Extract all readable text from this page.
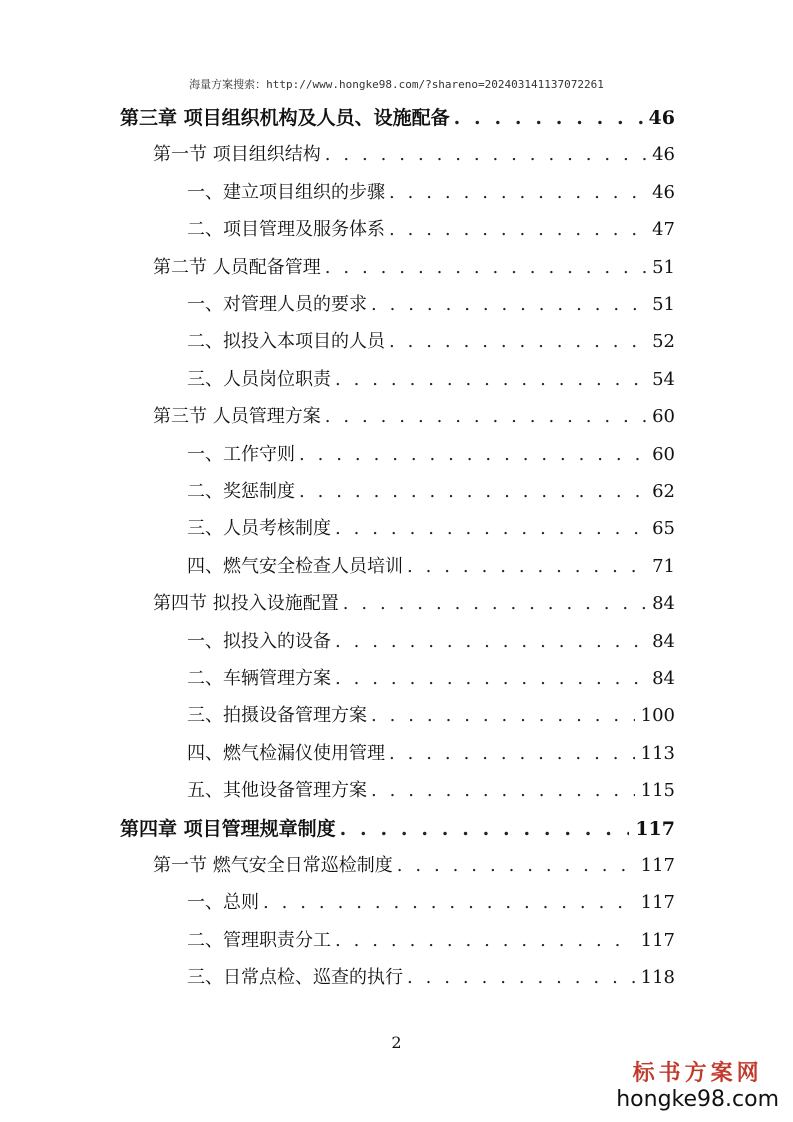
海量方案搜索：http://www.hongke98.com/?shareno=202403141137072261
第三章 项目组织机构及人员、设施配备 . . .	46
第一节 项目组织结构 . . .	46
一、建立项目组织的步骤 . . .	46
二、项目管理及服务体系 . . .	47
第二节 人员配备管理 . . .	51
一、对管理人员的要求 . . .	51
二、拟投入本项目的人员 . . .	52
三、人员岗位职责 . . .	54
第三节 人员管理方案 . . .	60
一、工作守则 . . .	60
二、奖惩制度 . . .	62
三、人员考核制度 . . .	65
四、燃气安全检查人员培训 . . .	71
第四节 拟投入设施配置 . . .	84
一、拟投入的设备 . . .	84
二、车辆管理方案 . . .	84
三、拍摄设备管理方案 . . .	100
四、燃气检漏仪使用管理 . . .	113
五、其他设备管理方案 . . .	115
第四章 项目管理规章制度 . . .	117
第一节 燃气安全日常巡检制度 . . .	117
一、总则 . . .	117
二、管理职责分工 . . .	117
三、日常点检、巡查的执行 . . .	118
2
标书方案网
hongke98.com
